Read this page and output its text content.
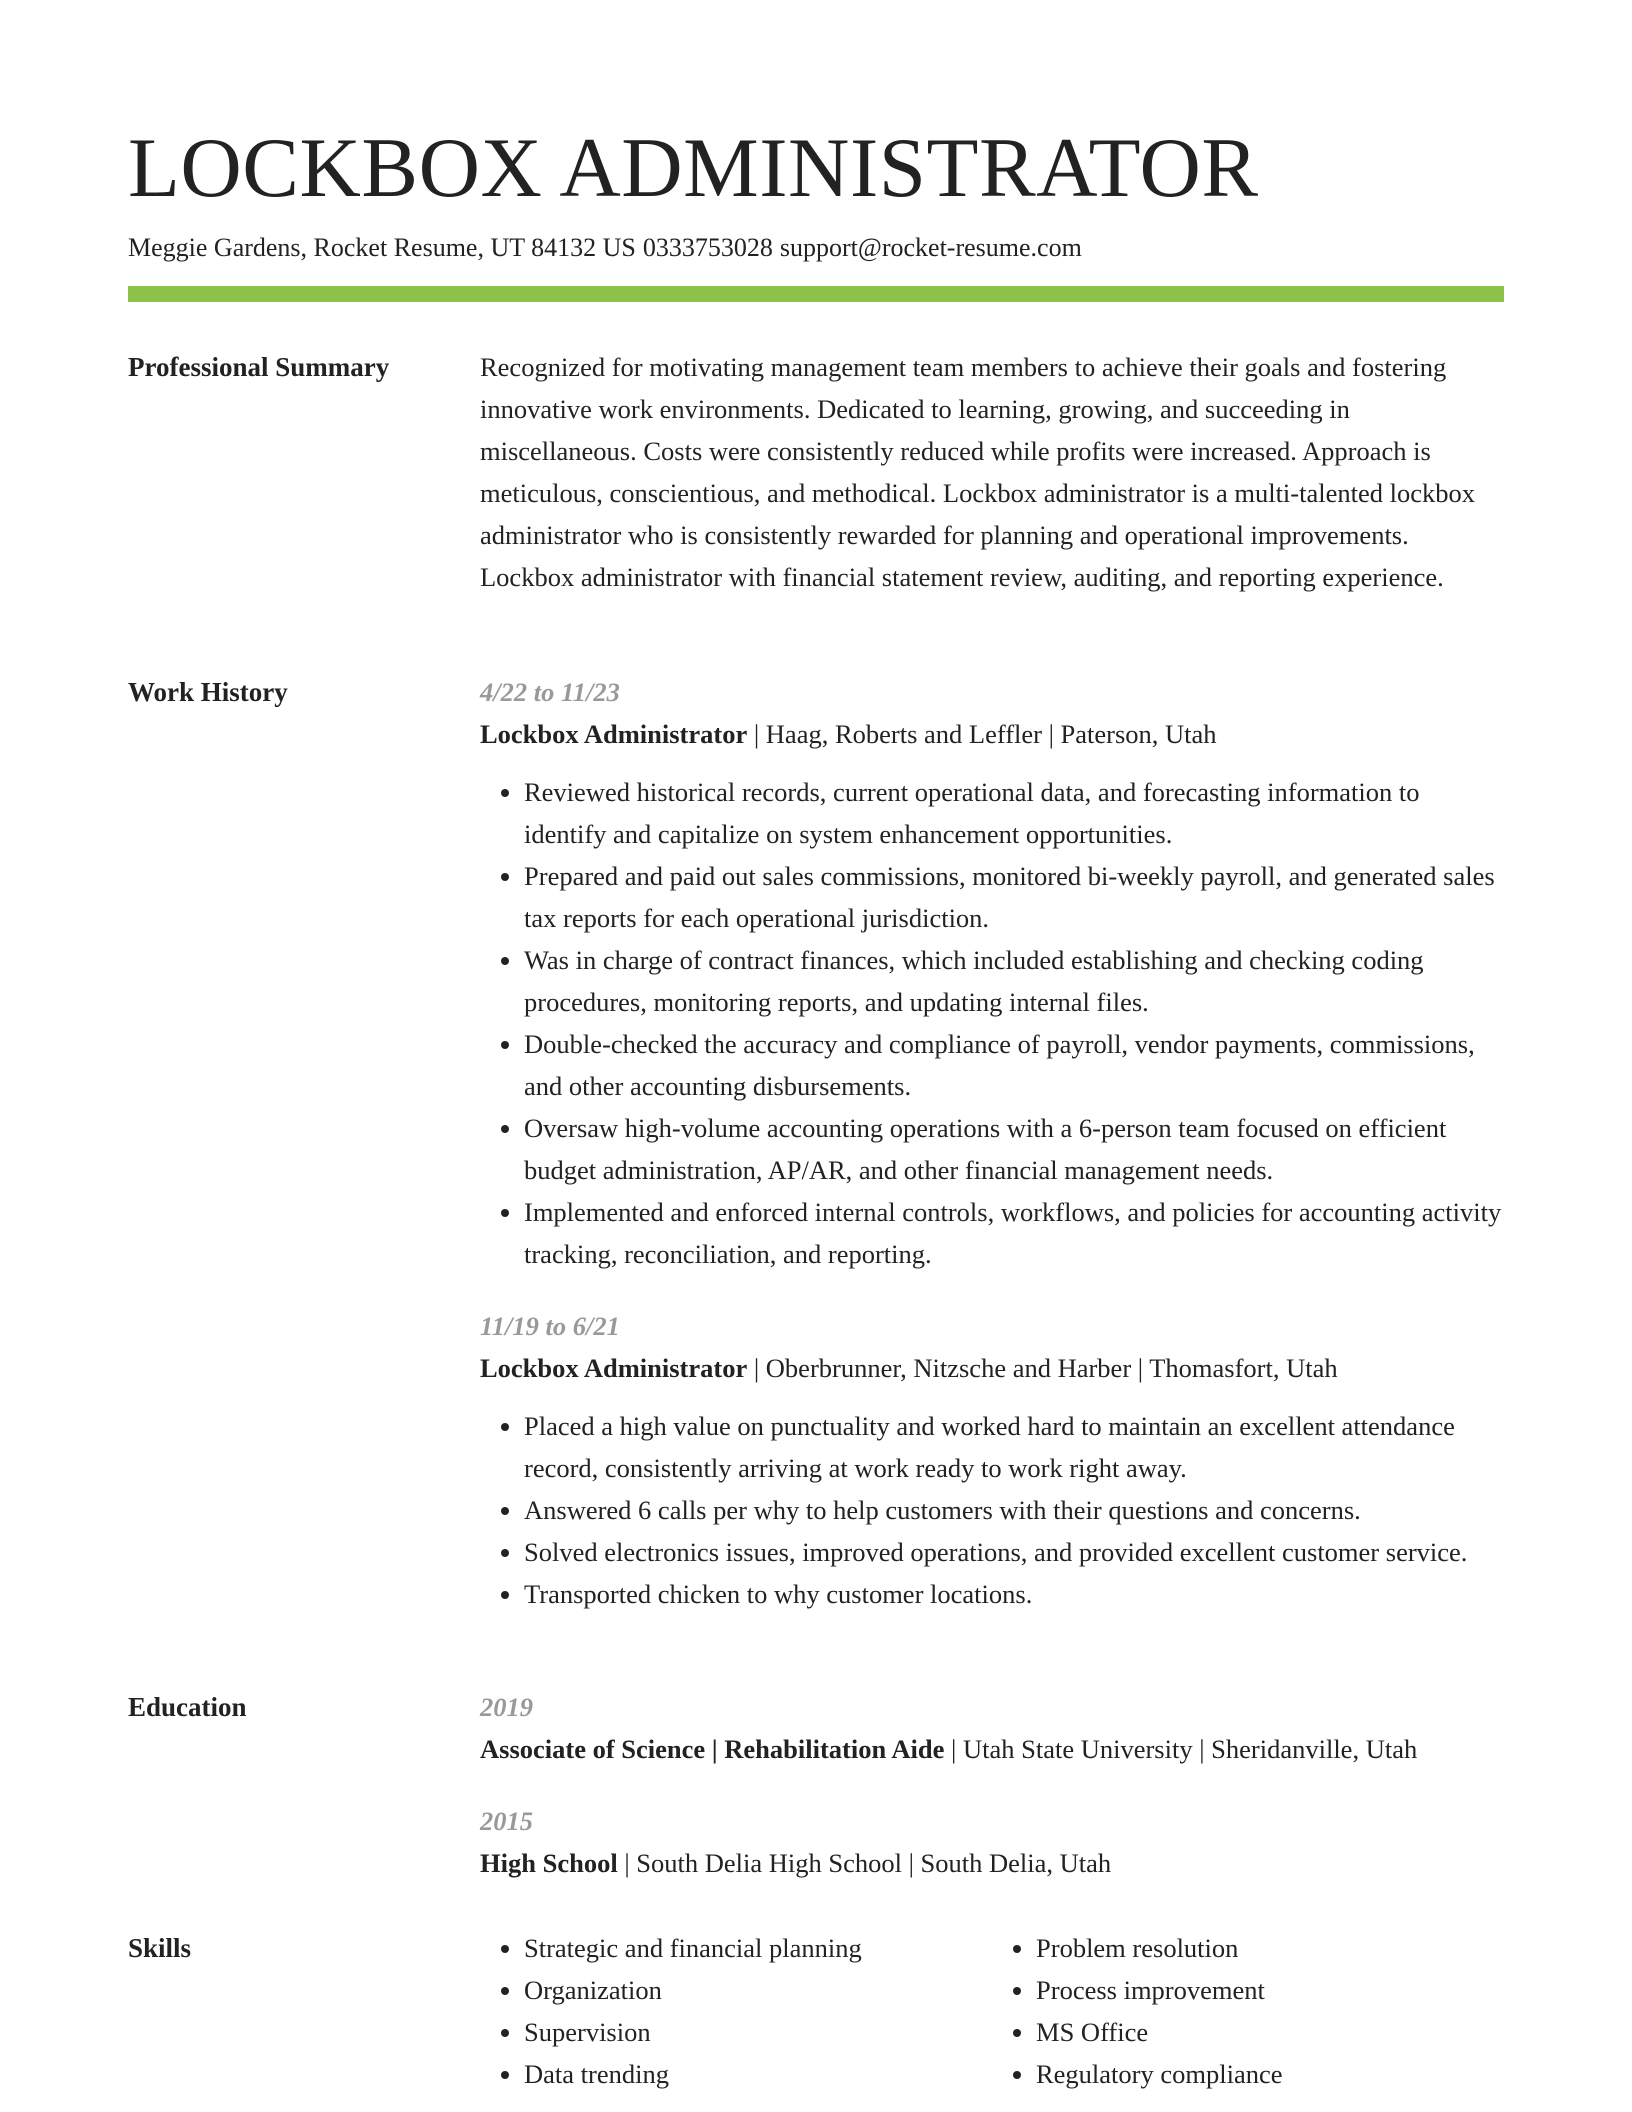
LOCKBOX ADMINISTRATOR
Meggie Gardens, Rocket Resume, UT 84132 US 0333753028 support@rocket-resume.com
Professional Summary	Recognized for motivating management team members to achieve their goals and fostering innovative work environments. Dedicated to learning, growing, and succeeding in miscellaneous. Costs were consistently reduced while profits were increased. Approach is meticulous, conscientious, and methodical. Lockbox administrator is a multi-talented lockbox administrator who is consistently rewarded for planning and operational improvements. Lockbox administrator with financial statement review, auditing, and reporting experience.

Work History	4/22 to 11/23
Lockbox Administrator | Haag, Roberts and Leffler | Paterson, Utah
• Reviewed historical records, current operational data, and forecasting information to identify and capitalize on system enhancement opportunities.
• Prepared and paid out sales commissions, monitored bi-weekly payroll, and generated sales tax reports for each operational jurisdiction.
• Was in charge of contract finances, which included establishing and checking coding procedures, monitoring reports, and updating internal files.
• Double-checked the accuracy and compliance of payroll, vendor payments, commissions, and other accounting disbursements.
• Oversaw high-volume accounting operations with a 6-person team focused on efficient budget administration, AP/AR, and other financial management needs.
• Implemented and enforced internal controls, workflows, and policies for accounting activity tracking, reconciliation, and reporting.
11/19 to 6/21
Lockbox Administrator | Oberbrunner, Nitzsche and Harber | Thomasfort, Utah
• Placed a high value on punctuality and worked hard to maintain an excellent attendance record, consistently arriving at work ready to work right away.
• Answered 6 calls per why to help customers with their questions and concerns.
• Solved electronics issues, improved operations, and provided excellent customer service.
• Transported chicken to why customer locations.
Education	2019
Associate of Science | Rehabilitation Aide | Utah State University | Sheridanville, Utah
2015
High School | South Delia High School | South Delia, Utah
Skills
•	Strategic and financial planning
• Organization
• Supervision
• Data trending
• Problem resolution
• Process improvement
• MS Office
• Regulatory compliance
